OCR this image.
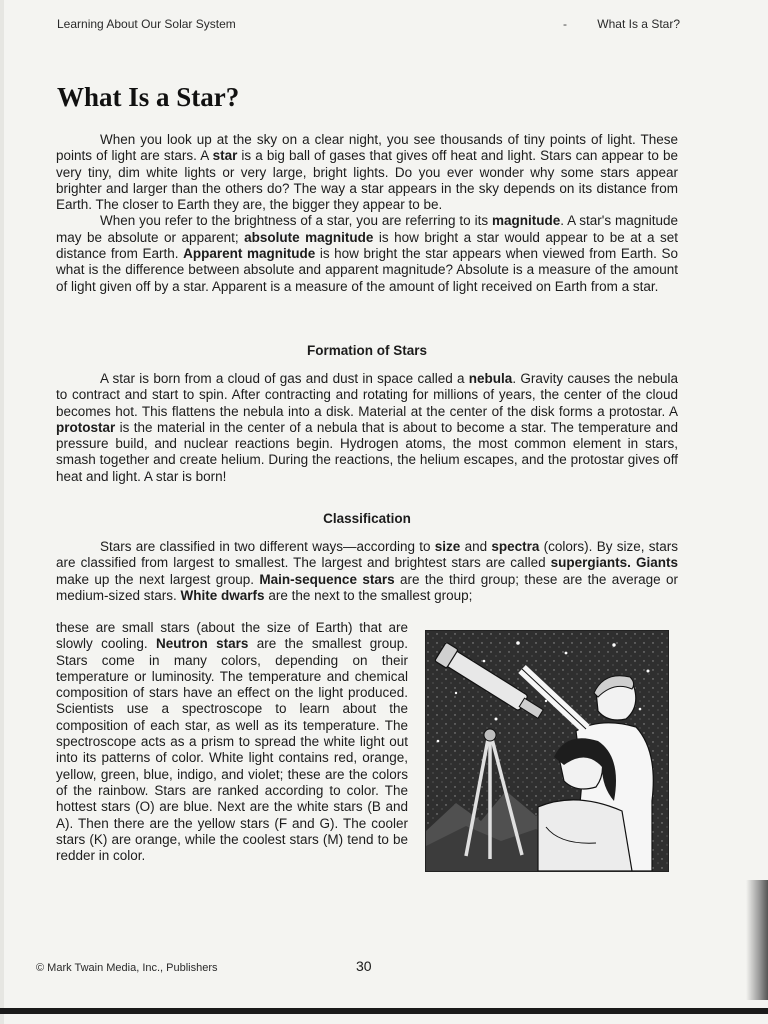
Learning About Our Solar System	-	What Is a Star?
What Is a Star?

When you look up at the sky on a clear night, you see thousands of tiny points of light. These points of light are stars. A star is a big ball of gases that gives off heat and light. Stars can appear to be very tiny, dim white lights or very large, bright lights. Do you ever wonder why some stars appear brighter and larger than the others do? The way a star appears in the sky depends on its distance from Earth. The closer to Earth they are, the bigger they appear to be.

When you refer to the brightness of a star, you are referring to its magnitude. A star's magnitude may be absolute or apparent; absolute magnitude is how bright a star would appear to be at a set distance from Earth. Apparent magnitude is how bright the star appears when viewed from Earth. So what is the difference between absolute and apparent magnitude? Absolute is a measure of the amount of light given off by a star. Apparent is a measure of the amount of light received on Earth from a star.

Formation of Stars

A star is born from a cloud of gas and dust in space called a nebula. Gravity causes the nebula to contract and start to spin. After contracting and rotating for millions of years, the center of the cloud becomes hot. This flattens the nebula into a disk. Material at the center of the disk forms a protostar. A protostar is the material in the center of a nebula that is about to become a star. The temperature and pressure build, and nuclear reactions begin. Hydrogen atoms, the most common element in stars, smash together and create helium. During the reactions, the helium escapes, and the protostar gives off heat and light. A star is born!

Classification

Stars are classified in two different ways—according to size and spectra (colors). By size, stars are classified from largest to smallest. The largest and brightest stars are called supergiants. Giants make up the next largest group. Main-sequence stars are the third group; these are the average or medium-sized stars. White dwarfs are the next to the smallest group;

these are small stars (about the size of Earth) that are slowly cooling. Neutron stars are the smallest group. Stars come in many colors, depending on their temperature or luminosity. The temperature and chemical composition of stars have an effect on the light produced. Scientists use a spectroscope to learn about the composition of each star, as well as its temperature. The spectroscope acts as a prism to spread the white light out into its patterns of color. White light contains red, orange, yellow, green, blue, indigo, and violet; these are the colors of the rainbow. Stars are ranked according to color. The hottest stars (O) are blue. Next are the white stars (B and A). Then there are the yellow stars (F and G). The cooler stars (K) are orange, while the coolest stars (M) tend to be redder in color.

© Mark Twain Media, Inc., Publishers	30
